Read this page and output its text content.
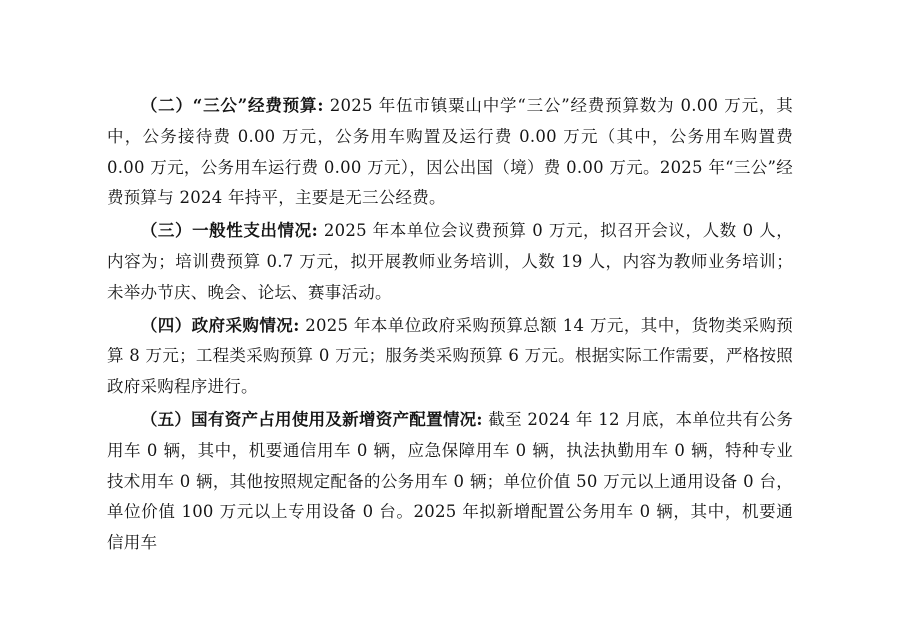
（二）“三公”经费预算: 2025 年伍市镇粟山中学“三公”经费预算数为 0.00 万元，其中，公务接待费 0.00 万元，公务用车购置及运行费 0.00 万元（其中，公务用车购置费 0.00 万元，公务用车运行费 0.00 万元），因公出国（境）费 0.00 万元。2025 年“三公”经费预算与 2024 年持平，主要是无三公经费。

（三）一般性支出情况: 2025 年本单位会议费预算 0 万元，拟召开会议，人数 0 人，内容为；培训费预算 0.7 万元，拟开展教师业务培训，人数 19 人，内容为教师业务培训；未举办节庆、晚会、论坛、赛事活动。

（四）政府采购情况: 2025 年本单位政府采购预算总额 14 万元，其中，货物类采购预算 8 万元；工程类采购预算 0 万元；服务类采购预算 6 万元。根据实际工作需要，严格按照政府采购程序进行。

（五）国有资产占用使用及新增资产配置情况: 截至 2024 年 12 月底，本单位共有公务用车 0 辆，其中，机要通信用车 0 辆，应急保障用车 0 辆，执法执勤用车 0 辆，特种专业技术用车 0 辆，其他按照规定配备的公务用车 0 辆；单位价值 50 万元以上通用设备 0 台，单位价值 100 万元以上专用设备 0 台。2025 年拟新增配置公务用车 0 辆，其中，机要通信用车
